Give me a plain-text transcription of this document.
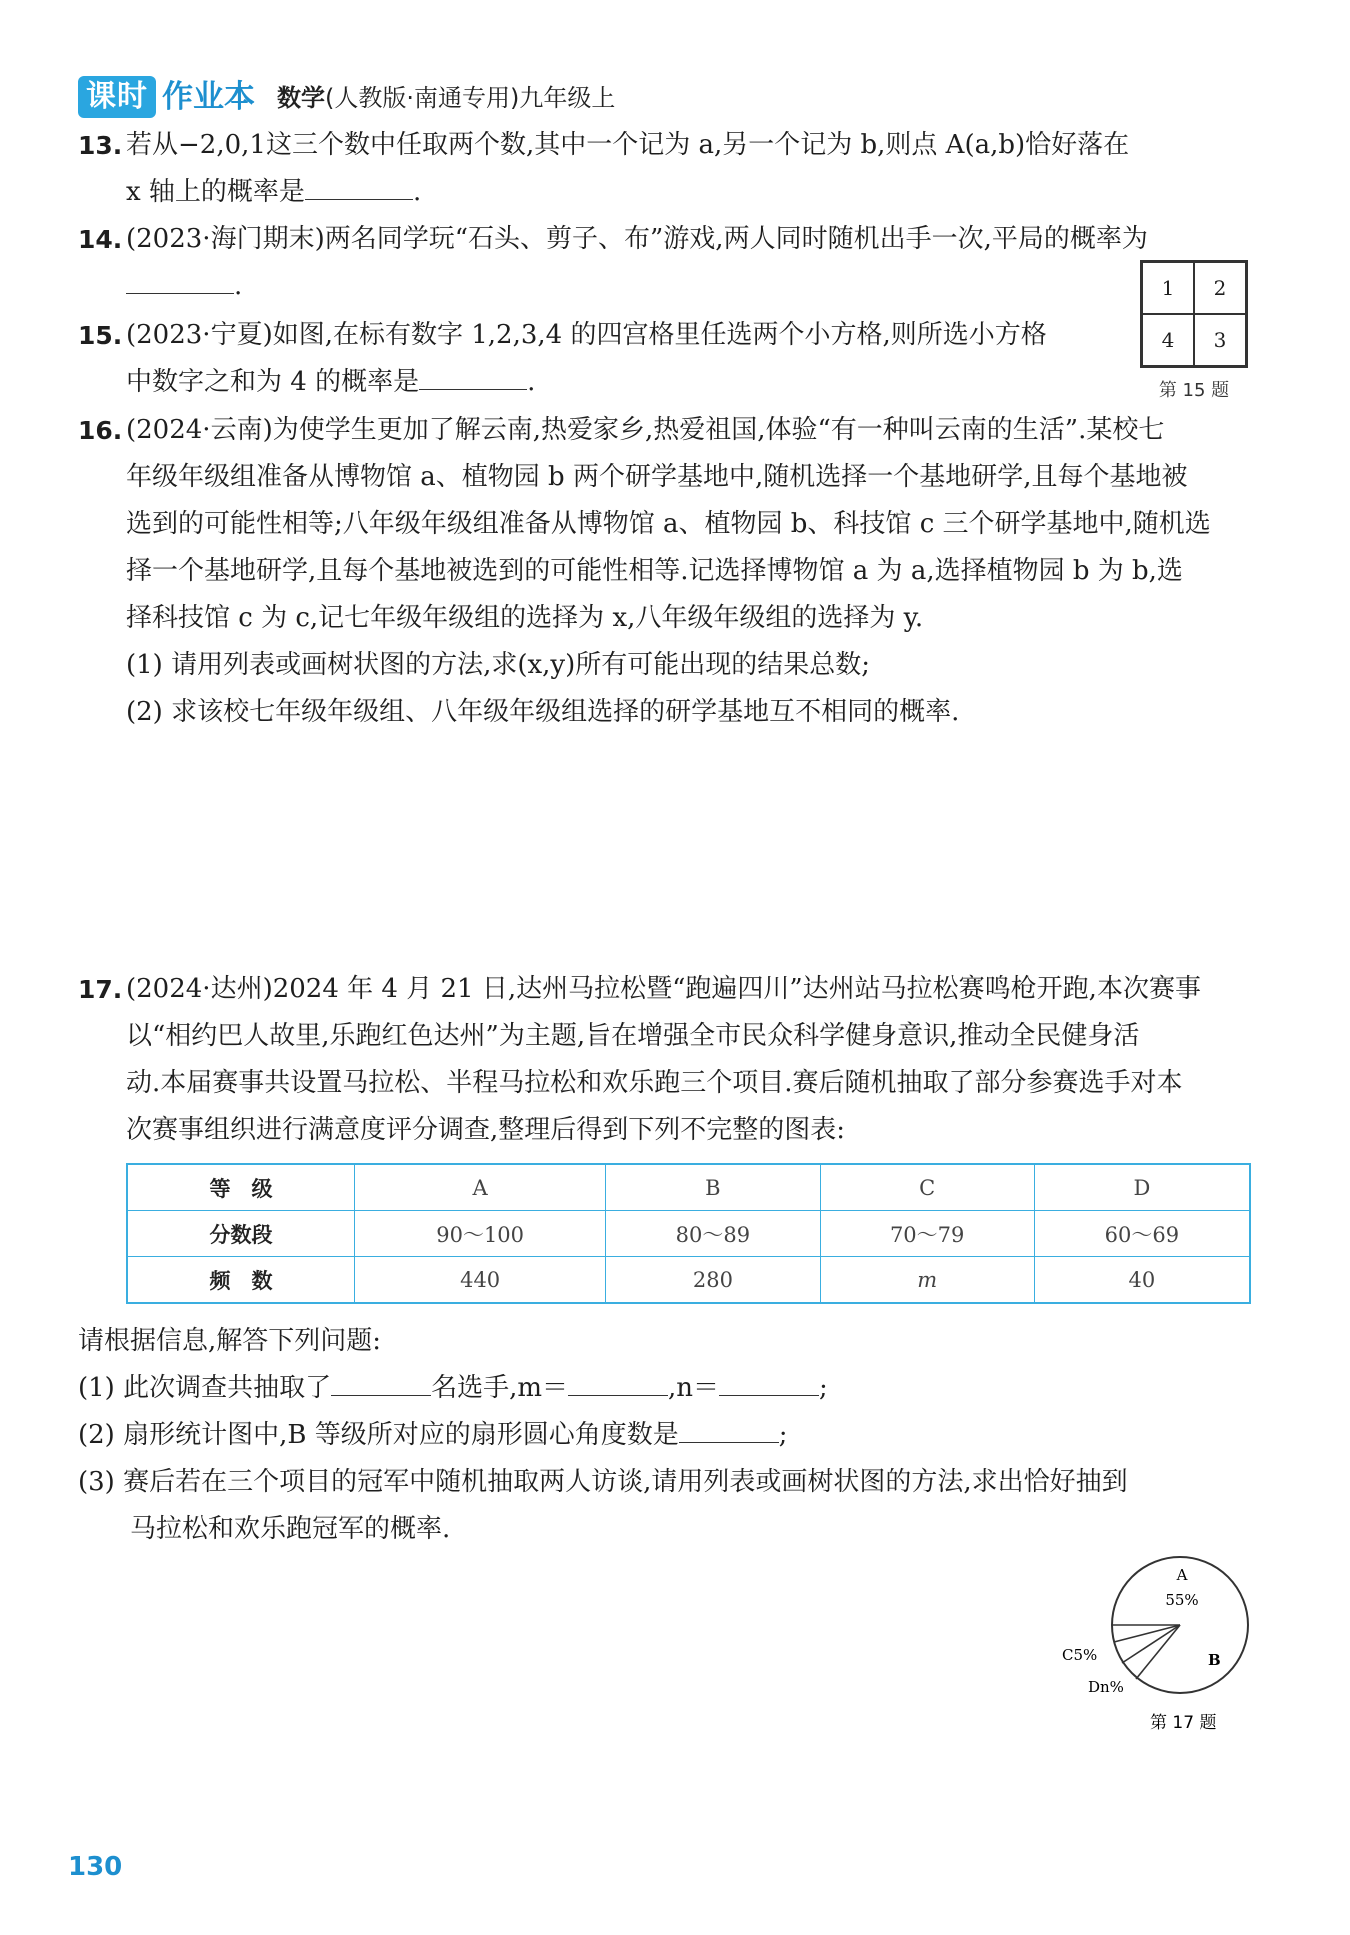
课时 作业本 数学(人教版·南通专用)九年级上
13. 若从−2,0,1这三个数中任取两个数,其中一个记为 a,另一个记为 b,则点 A(a,b)恰好落在
x 轴上的概率是	.
14. (2023·海门期末)两名同学玩“石头、剪子、布”游戏,两人同时随机出手一次,平局的概率为
.
15. (2023·宁夏)如图,在标有数字 1,2,3,4 的四宫格里任选两个小方格,则所选小方格
中数字之和为 4 的概率是	.
1	2
4	3
第 15 题
16. (2024·云南)为使学生更加了解云南,热爱家乡,热爱祖国,体验“有一种叫云南的生活”.某校七
年级年级组准备从博物馆 a、植物园 b 两个研学基地中,随机选择一个基地研学,且每个基地被
选到的可能性相等;八年级年级组准备从博物馆 a、植物园 b、科技馆 c 三个研学基地中,随机选
择一个基地研学,且每个基地被选到的可能性相等.记选择博物馆 a 为 a,选择植物园 b 为 b,选
择科技馆 c 为 c,记七年级年级组的选择为 x,八年级年级组的选择为 y.
(1) 请用列表或画树状图的方法,求(x,y)所有可能出现的结果总数;
(2) 求该校七年级年级组、八年级年级组选择的研学基地互不相同的概率.
17. (2024·达州)2024 年 4 月 21 日,达州马拉松暨“跑遍四川”达州站马拉松赛鸣枪开跑,本次赛事
以“相约巴人故里,乐跑红色达州”为主题,旨在增强全市民众科学健身意识,推动全民健身活
动.本届赛事共设置马拉松、半程马拉松和欢乐跑三个项目.赛后随机抽取了部分参赛选手对本
次赛事组织进行满意度评分调查,整理后得到下列不完整的图表:
等　级	A	B	C	D
分数段	90～100	80～89	70～79	60～69
频　数	440	280	m	40
请根据信息,解答下列问题:
(1) 此次调查共抽取了	名选手,m＝	,n＝	;
(2) 扇形统计图中,B 等级所对应的扇形圆心角度数是	;
(3) 赛后若在三个项目的冠军中随机抽取两人访谈,请用列表或画树状图的方法,求出恰好抽到
马拉松和欢乐跑冠军的概率.
A
55%
B
C5%
Dn%
第 17 题
130
